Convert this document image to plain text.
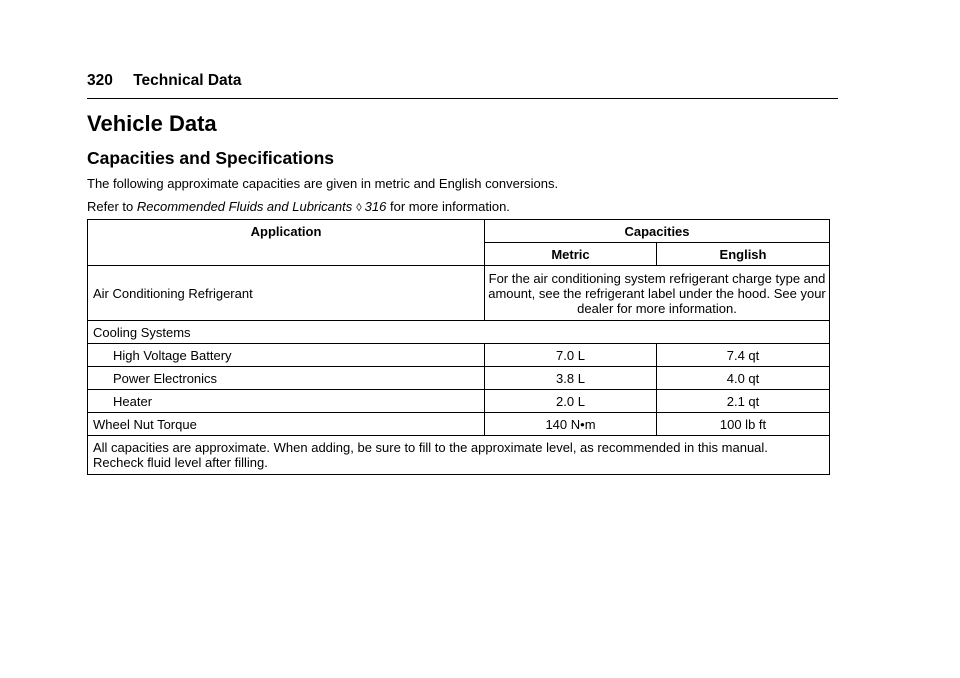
320 Technical Data
Vehicle Data
Capacities and Specifications
The following approximate capacities are given in metric and English conversions.
Refer to Recommended Fluids and Lubricants ◊ 316 for more information.
Application	Capacities	
	Metric	English
Air Conditioning Refrigerant	For the air conditioning system refrigerant charge type and amount, see the refrigerant label under the hood. See your dealer for more information.	
Cooling Systems		
High Voltage Battery	7.0 L	7.4 qt
Power Electronics	3.8 L	4.0 qt
Heater	2.0 L	2.1 qt
Wheel Nut Torque	140 N•m	100 lb ft
All capacities are approximate. When adding, be sure to fill to the approximate level, as recommended in this manual. Recheck fluid level after filling.		
